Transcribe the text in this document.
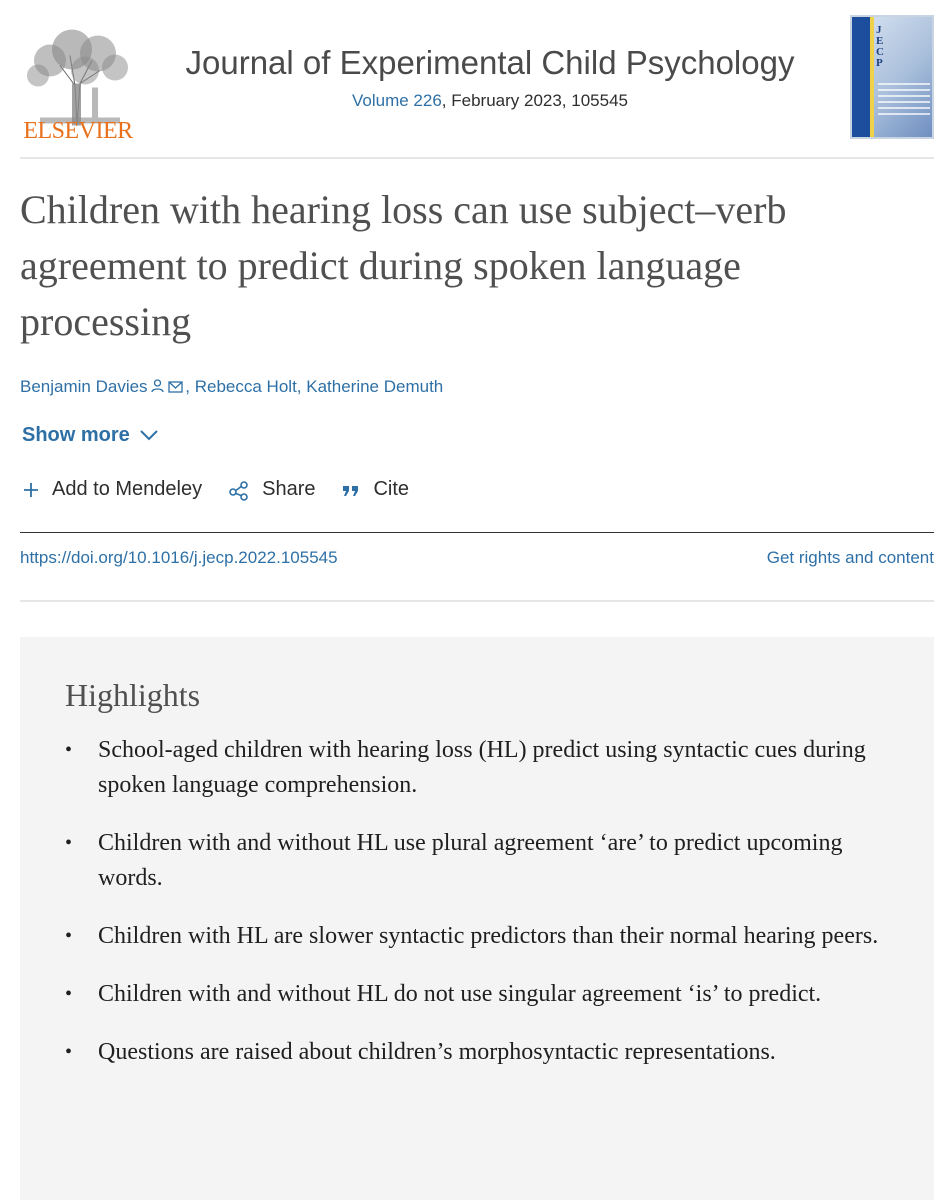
ELSEVIER
Journal of Experimental Child Psychology
Volume 226, February 2023, 105545
J
E
C
P
Children with hearing loss can use subject–verb agreement to predict during spoken language processing
Benjamin Davies , Rebecca Holt, Katherine Demuth
Show more
Add to Mendeley	Share	Cite
https://doi.org/10.1016/j.jecp.2022.105545	Get rights and content
Highlights
• School-aged children with hearing loss (HL) predict using syntactic cues during spoken language comprehension.
• Children with and without HL use plural agreement ‘are’ to predict upcoming words.
• Children with HL are slower syntactic predictors than their normal hearing peers.
• Children with and without HL do not use singular agreement ‘is’ to predict.
• Questions are raised about children’s morphosyntactic representations.
